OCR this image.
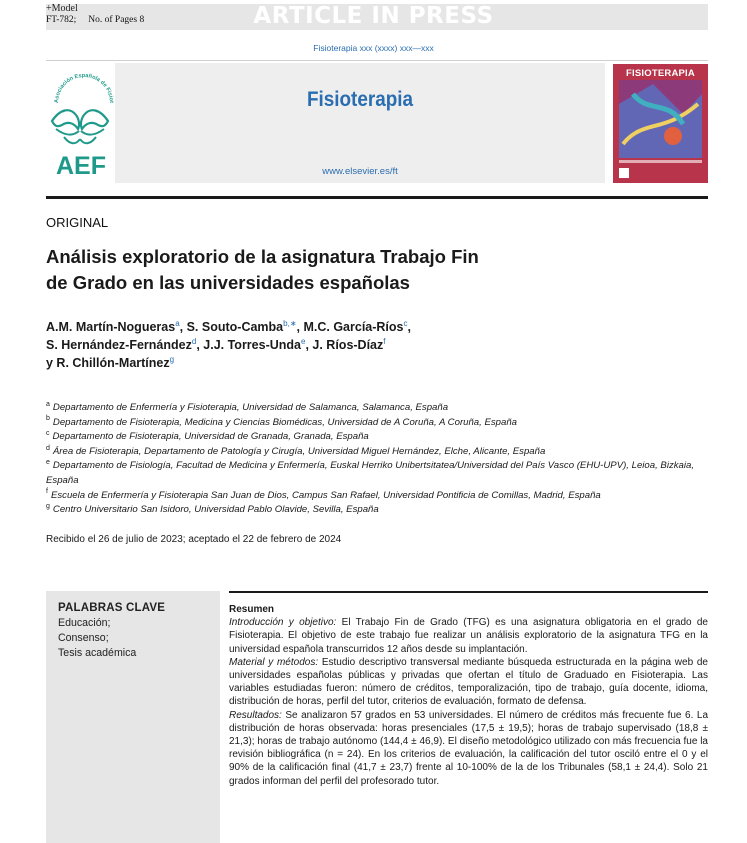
+Model
FT-782; No. of Pages 8	ARTICLE IN PRESS
Fisioterapia xxx (xxxx) xxx—xxx
Asociación Española de Fisiot
AEF
Fisioterapia
www.elsevier.es/ft
FISIOTERAPIA
ORIGINAL
Análisis exploratorio de la asignatura Trabajo Fin
de Grado en las universidades españolas
A.M. Martín-Nogueras$^a$, S. Souto-Camba$^{b,∗}$, M.C. García-Ríos$^c$,
S. Hernández-Fernández$^d$, J.J. Torres-Unda$^e$, J. Ríos-Díaz$^f$
y R. Chillón-Martínez$^g$
$^a$ Departamento de Enfermería y Fisioterapia, Universidad de Salamanca, Salamanca, España
$^b$ Departamento de Fisioterapia, Medicina y Ciencias Biomédicas, Universidad de A Coruña, A Coruña, España
$^c$ Departamento de Fisioterapia, Universidad de Granada, Granada, España
$^d$ Área de Fisioterapia, Departamento de Patología y Cirugía, Universidad Miguel Hernández, Elche, Alicante, España
$^e$ Departamento de Fisiología, Facultad de Medicina y Enfermería, Euskal Herriko Unibertsitatea/Universidad del País Vasco (EHU-UPV), Leioa, Bizkaia, España
$^f$ Escuela de Enfermería y Fisioterapia San Juan de Dios, Campus San Rafael, Universidad Pontificia de Comillas, Madrid, España
$^g$ Centro Universitario San Isidoro, Universidad Pablo Olavide, Sevilla, España
Recibido el 26 de julio de 2023; aceptado el 22 de febrero de 2024
PALABRAS CLAVE
Educación;
Consenso;
Tesis académica
Resumen

Introducción y objetivo: El Trabajo Fin de Grado (TFG) es una asignatura obligatoria en el grado de Fisioterapia. El objetivo de este trabajo fue realizar un análisis exploratorio de la asignatura TFG en la universidad española transcurridos 12 años desde su implantación.

Material y métodos: Estudio descriptivo transversal mediante búsqueda estructurada en la página web de universidades españolas públicas y privadas que ofertan el título de Graduado en Fisioterapia. Las variables estudiadas fueron: número de créditos, temporalización, tipo de trabajo, guía docente, idioma, distribución de horas, perfil del tutor, criterios de evaluación, formato de defensa.

Resultados: Se analizaron 57 grados en 53 universidades. El número de créditos más frecuente fue 6. La distribución de horas observada: horas presenciales (17,5 ± 19,5); horas de trabajo supervisado (18,8 ± 21,3); horas de trabajo autónomo (144,4 ± 46,9). El diseño metodológico utilizado con más frecuencia fue la revisión bibliográfica (n = 24). En los criterios de evaluación, la calificación del tutor osciló entre el 0 y el 90% de la calificación final (41,7 ± 23,7) frente al 10-100% de la de los Tribunales (58,1 ± 24,4). Solo 21 grados informan del perfil del profesorado tutor.
